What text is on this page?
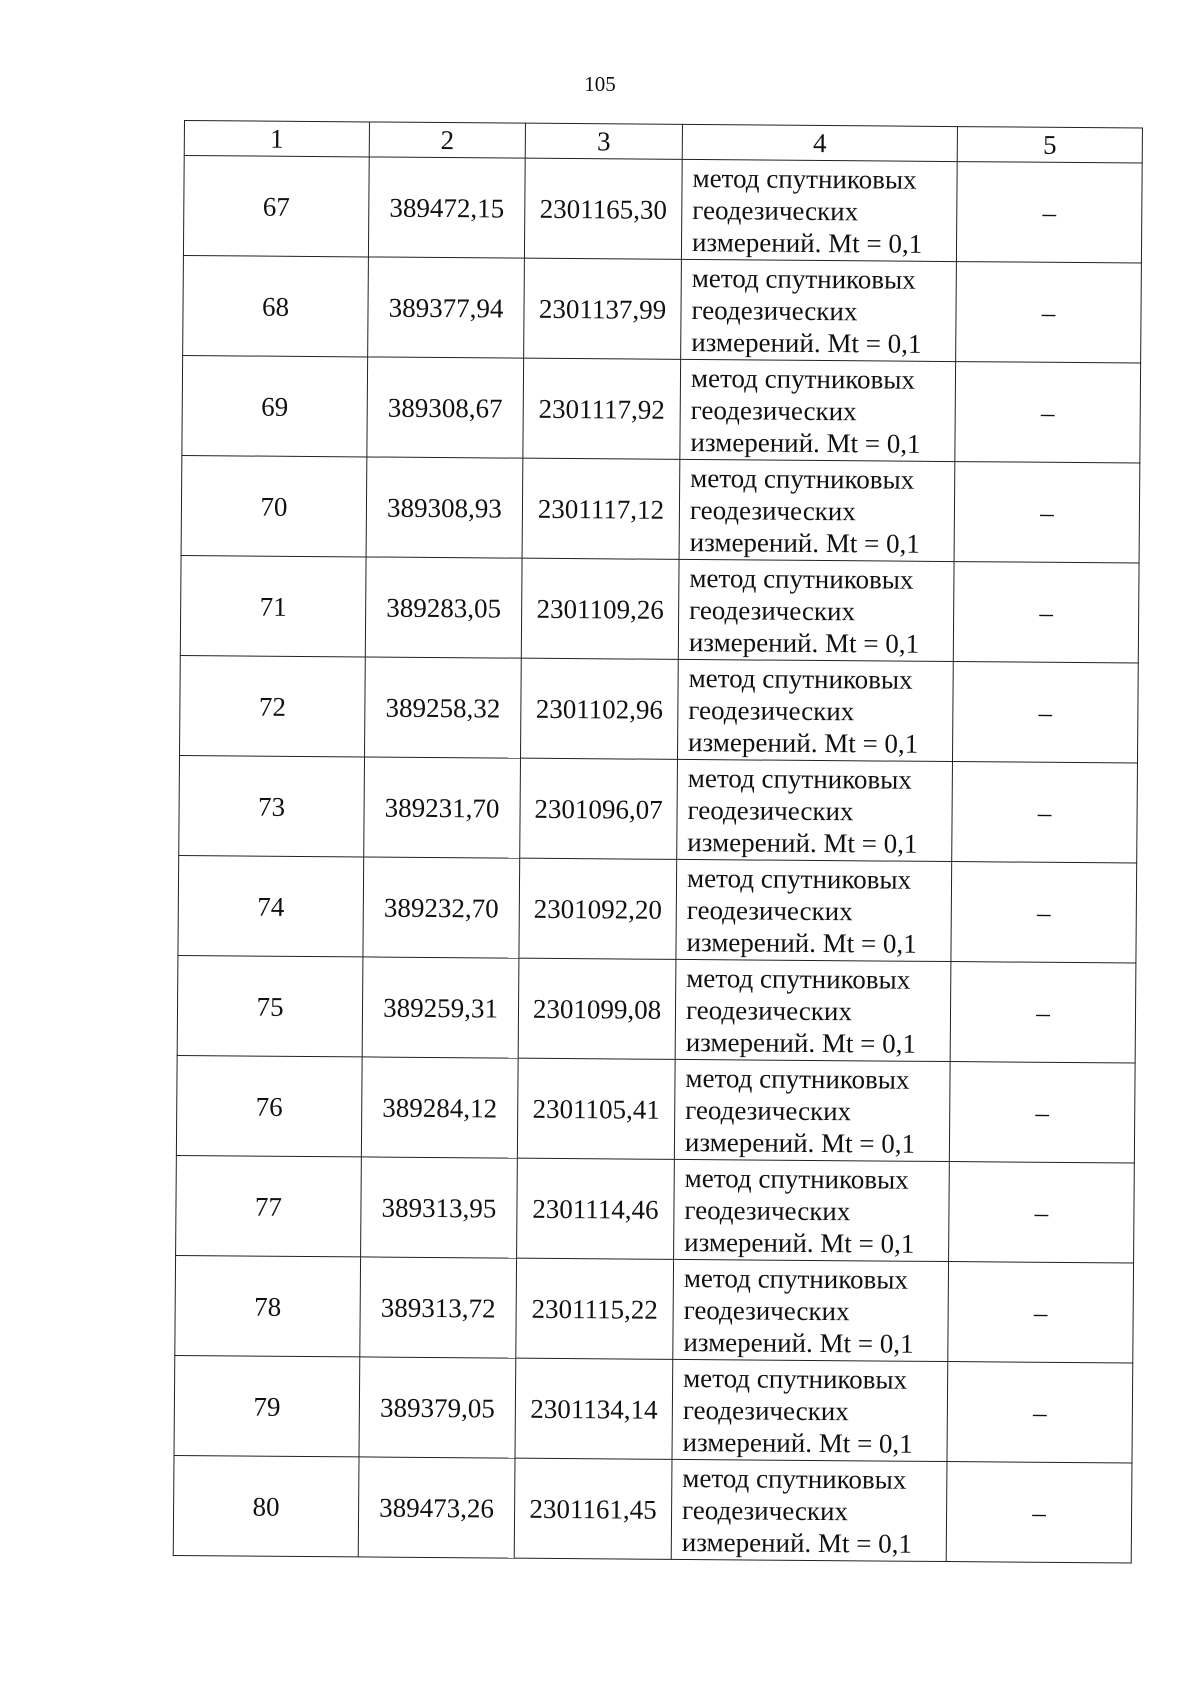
105
1	2	3	4	5
67	389472,15	2301165,30	метод спутниковых
геодезических
измерений. Mt = 0,1	–
68	389377,94	2301137,99	метод спутниковых
геодезических
измерений. Mt = 0,1	–
69	389308,67	2301117,92	метод спутниковых
геодезических
измерений. Mt = 0,1	–
70	389308,93	2301117,12	метод спутниковых
геодезических
измерений. Mt = 0,1	–
71	389283,05	2301109,26	метод спутниковых
геодезических
измерений. Mt = 0,1	–
72	389258,32	2301102,96	метод спутниковых
геодезических
измерений. Mt = 0,1	–
73	389231,70	2301096,07	метод спутниковых
геодезических
измерений. Mt = 0,1	–
74	389232,70	2301092,20	метод спутниковых
геодезических
измерений. Mt = 0,1	–
75	389259,31	2301099,08	метод спутниковых
геодезических
измерений. Mt = 0,1	–
76	389284,12	2301105,41	метод спутниковых
геодезических
измерений. Mt = 0,1	–
77	389313,95	2301114,46	метод спутниковых
геодезических
измерений. Mt = 0,1	–
78	389313,72	2301115,22	метод спутниковых
геодезических
измерений. Mt = 0,1	–
79	389379,05	2301134,14	метод спутниковых
геодезических
измерений. Mt = 0,1	–
80	389473,26	2301161,45	метод спутниковых
геодезических
измерений. Mt = 0,1	–
